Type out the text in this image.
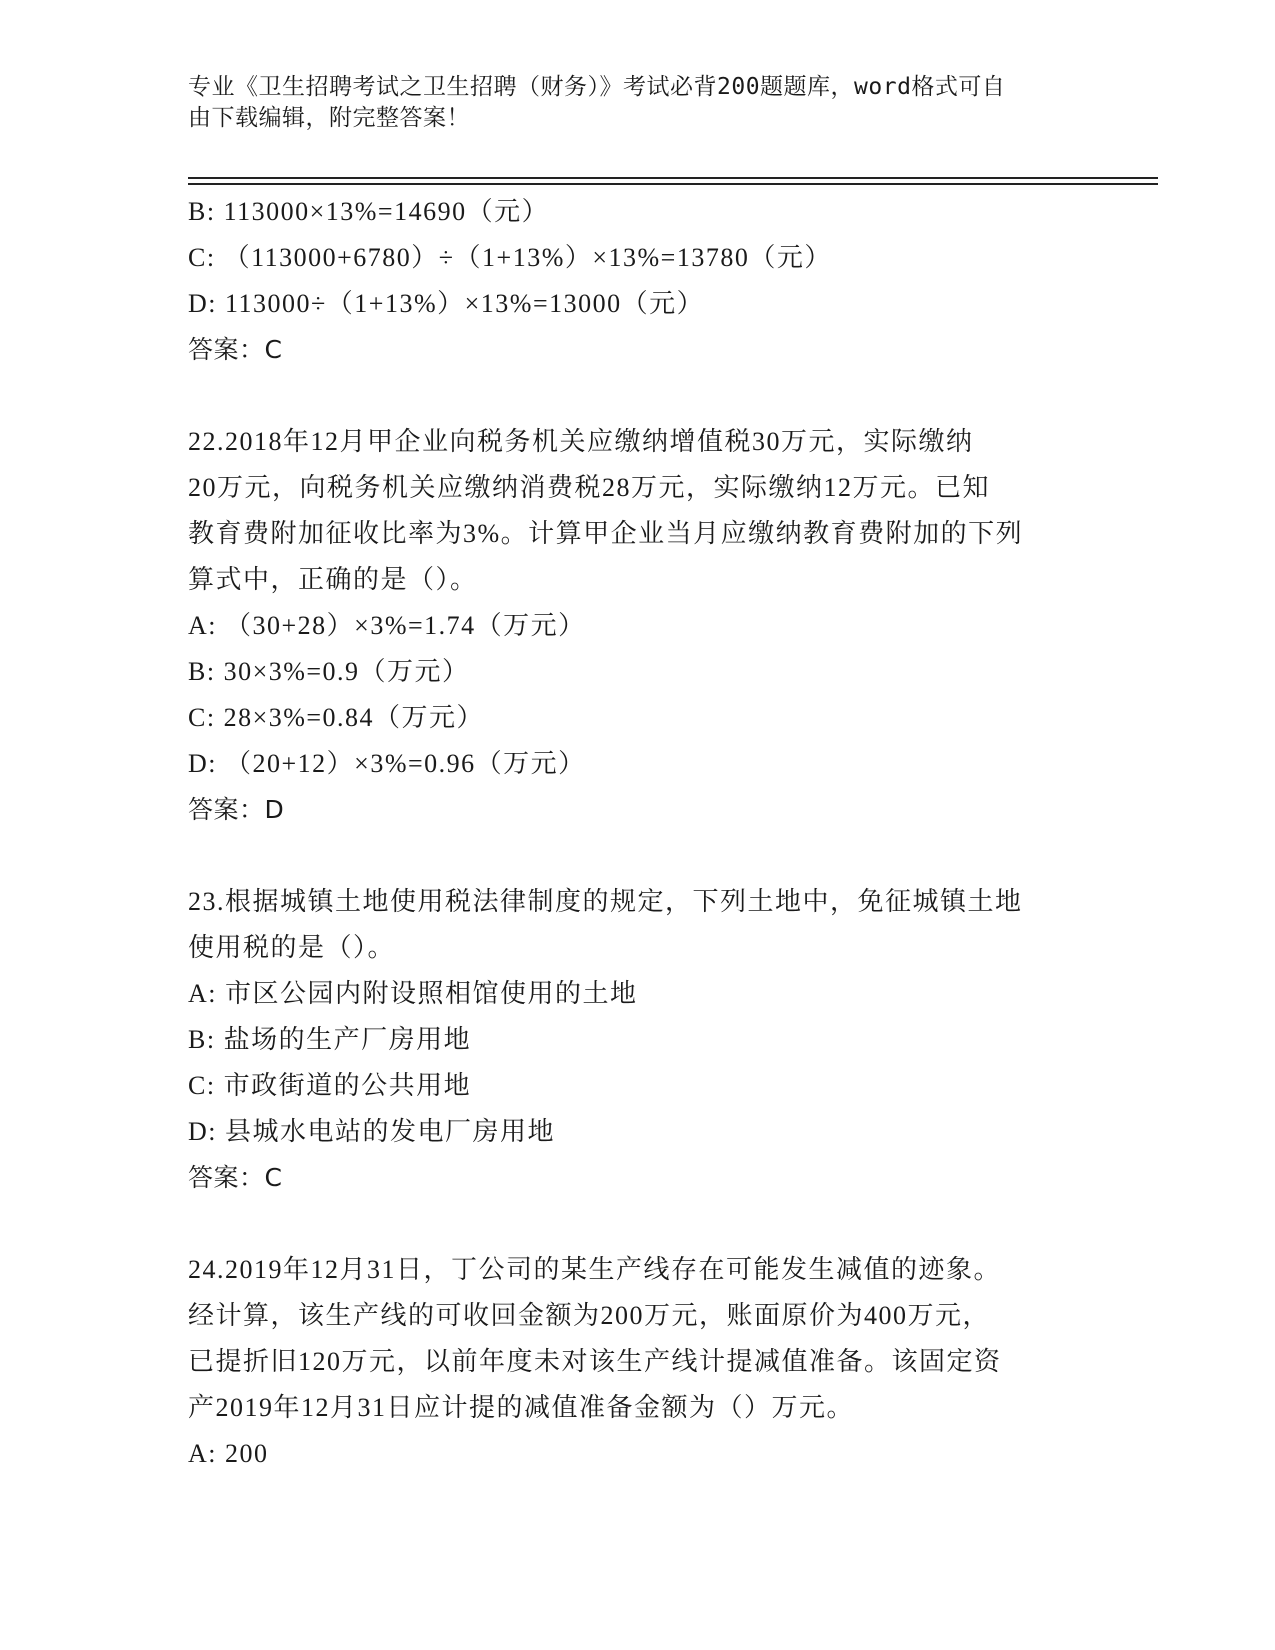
专业《卫生招聘考试之卫生招聘（财务）》考试必背200题题库，word格式可自
由下载编辑，附完整答案！
B: 113000×13%=14690（元）
C: （113000+6780）÷（1+13%）×13%=13780（元）
D: 113000÷（1+13%）×13%=13000（元）
答案：C
22.2018年12月甲企业向税务机关应缴纳增值税30万元，实际缴纳
20万元，向税务机关应缴纳消费税28万元，实际缴纳12万元。已知
教育费附加征收比率为3%。计算甲企业当月应缴纳教育费附加的下列
算式中，正确的是（）。
A: （30+28）×3%=1.74（万元）
B: 30×3%=0.9（万元）
C: 28×3%=0.84（万元）
D: （20+12）×3%=0.96（万元）
答案：D
23.根据城镇土地使用税法律制度的规定，下列土地中，免征城镇土地
使用税的是（）。
A: 市区公园内附设照相馆使用的土地
B: 盐场的生产厂房用地
C: 市政街道的公共用地
D: 县城水电站的发电厂房用地
答案：C
24.2019年12月31日，丁公司的某生产线存在可能发生减值的迹象。
经计算，该生产线的可收回金额为200万元，账面原价为400万元，
已提折旧120万元，以前年度未对该生产线计提减值准备。该固定资
产2019年12月31日应计提的减值准备金额为（）万元。
A: 200
